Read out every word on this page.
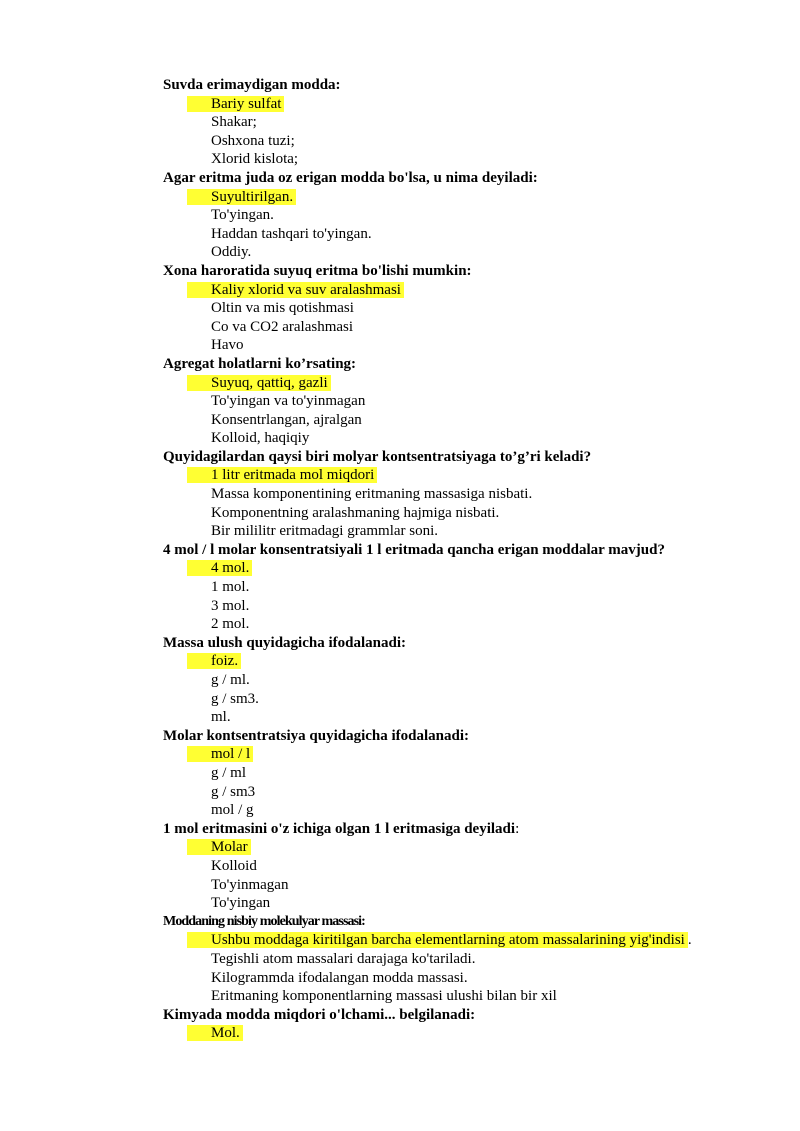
Suvda erimaydigan modda:
Bariy sulfat
Shakar;
Oshxona tuzi;
Xlorid kislota;
Agar eritma juda oz erigan modda bo'lsa, u nima deyiladi:
Suyultirilgan.
To'yingan.
Haddan tashqari to'yingan.
Oddiy.
Xona haroratida suyuq eritma bo'lishi mumkin:
Kaliy xlorid va suv aralashmasi
Oltin va mis qotishmasi
Co va CO2 aralashmasi
Havo
Agregat holatlarni ko’rsating:
Suyuq, qattiq, gazli
To'yingan va to'yinmagan
Konsentrlangan, ajralgan
Kolloid, haqiqiy
Quyidagilardan qaysi biri molyar kontsentratsiyaga to’g’ri keladi?
1 litr eritmada mol miqdori
Massa komponentining eritmaning massasiga nisbati.
Komponentning aralashmaning hajmiga nisbati.
Bir mililitr eritmadagi grammlar soni.
4 mol / l molar konsentratsiyali 1 l eritmada qancha erigan moddalar mavjud?
4 mol.
1 mol.
3 mol.
2 mol.
Massa ulush quyidagicha ifodalanadi:
foiz.
g / ml.
g / sm3.
ml.
Molar kontsentratsiya quyidagicha ifodalanadi:
mol / l
g / ml
g / sm3
mol / g
1 mol eritmasini o'z ichiga olgan 1 l eritmasiga deyiladi:
Molar
Kolloid
To'yinmagan
To'yingan
Moddaning nisbiy molekulyar massasi:
Ushbu moddaga kiritilgan barcha elementlarning atom massalarining yig'indisi .
Tegishli atom massalari darajaga ko'tariladi.
Kilogrammda ifodalangan modda massasi.
Eritmaning komponentlarning massasi ulushi bilan bir xil
Kimyada modda miqdori o'lchami... belgilanadi:
Mol.
